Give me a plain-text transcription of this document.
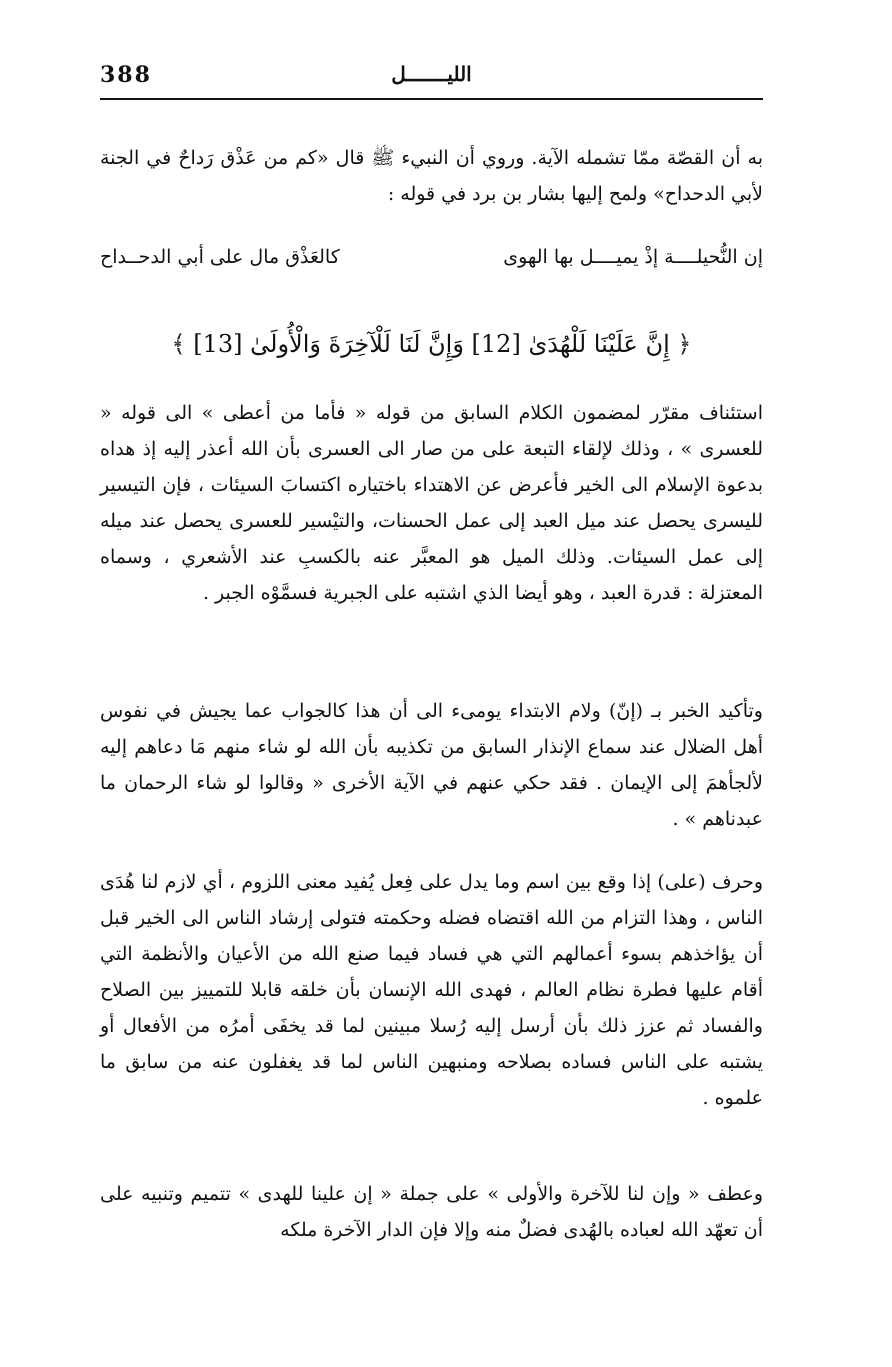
388	الليـــــــل
به أن القصّة ممّا تشمله الآية. وروي أن النبيء ﷺ قال «كم من عَذْق رَداحٌ في الجنة لأبي الدحداح» ولمح إليها بشار بن برد في قوله :
إن النُّحيلــــة إذْ يميــــل بها الهوى
كالعَذْق مال على أبي الدحــداح
﴿ إِنَّ عَلَيْنَا لَلْهُدَىٰ [12] وَإِنَّ لَنَا لَلْآخِرَةَ وَالْأُولَىٰ [13] ﴾
استئناف مقرّر لمضمون الكلام السابق من قوله « فأما من أعطى » الى قوله « للعسرى » ، وذلك لإلقاء التبعة على من صار الى العسرى بأن الله أعذر إليه إذ هداه بدعوة الإسلام الى الخير فأعرض عن الاهتداء باختياره اكتسابَ السيئات ، فإن التيسير لليسرى يحصل عند ميل العبد إلى عمل الحسنات، والتيْسير للعسرى يحصل عند ميله إلى عمل السيئات. وذلك الميل هو المعبَّر عنه بالكسبِ عند الأشعري ، وسماه المعتزلة : قدرة العبد ، وهو أيضا الذي اشتبه على الجبرية فسمَّوْه الجبر .
وتأكيد الخبر بـ (إنّ) ولام الابتداء يومىء الى أن هذا كالجواب عما يجيش في نفوس أهل الضلال عند سماع الإنذار السابق من تكذيبه بأن الله لو شاء منهم مَا دعاهم إليه لألجأهمَ إلى الإيمان . فقد حكي عنهم في الآية الأخرى « وقالوا لو شاء الرحمان ما عبدناهم » .
وحرف (على) إذا وقع بين اسم وما يدل على فِعل يُفيد معنى اللزوم ، أي لازم لنا هُدَى الناس ، وهذا التزام من الله اقتضاه فضله وحكمته فتولى إرشاد الناس الى الخير قبل أن يؤاخذهم بسوء أعمالهم التي هي فساد فيما صنع الله من الأعيان والأنظمة التي أقام عليها فطرة نظام العالم ، فهدى الله الإنسان بأن خلقه قابلا للتمييز بين الصلاح والفساد ثم عزز ذلك بأن أرسل إليه رُسلا مبينين لما قد يخفَى أمرُه من الأفعال أو يشتبه على الناس فساده بصلاحه ومنبهين الناس لما قد يغفلون عنه من سابق ما علموه .
وعطف « وإن لنا للآخرة والأولى » على جملة « إن علينا للهدى » تتميم وتنبيه على أن تعهّد الله لعباده بالهُدى فضلٌ منه وإلا فإن الدار الآخرة ملكه
